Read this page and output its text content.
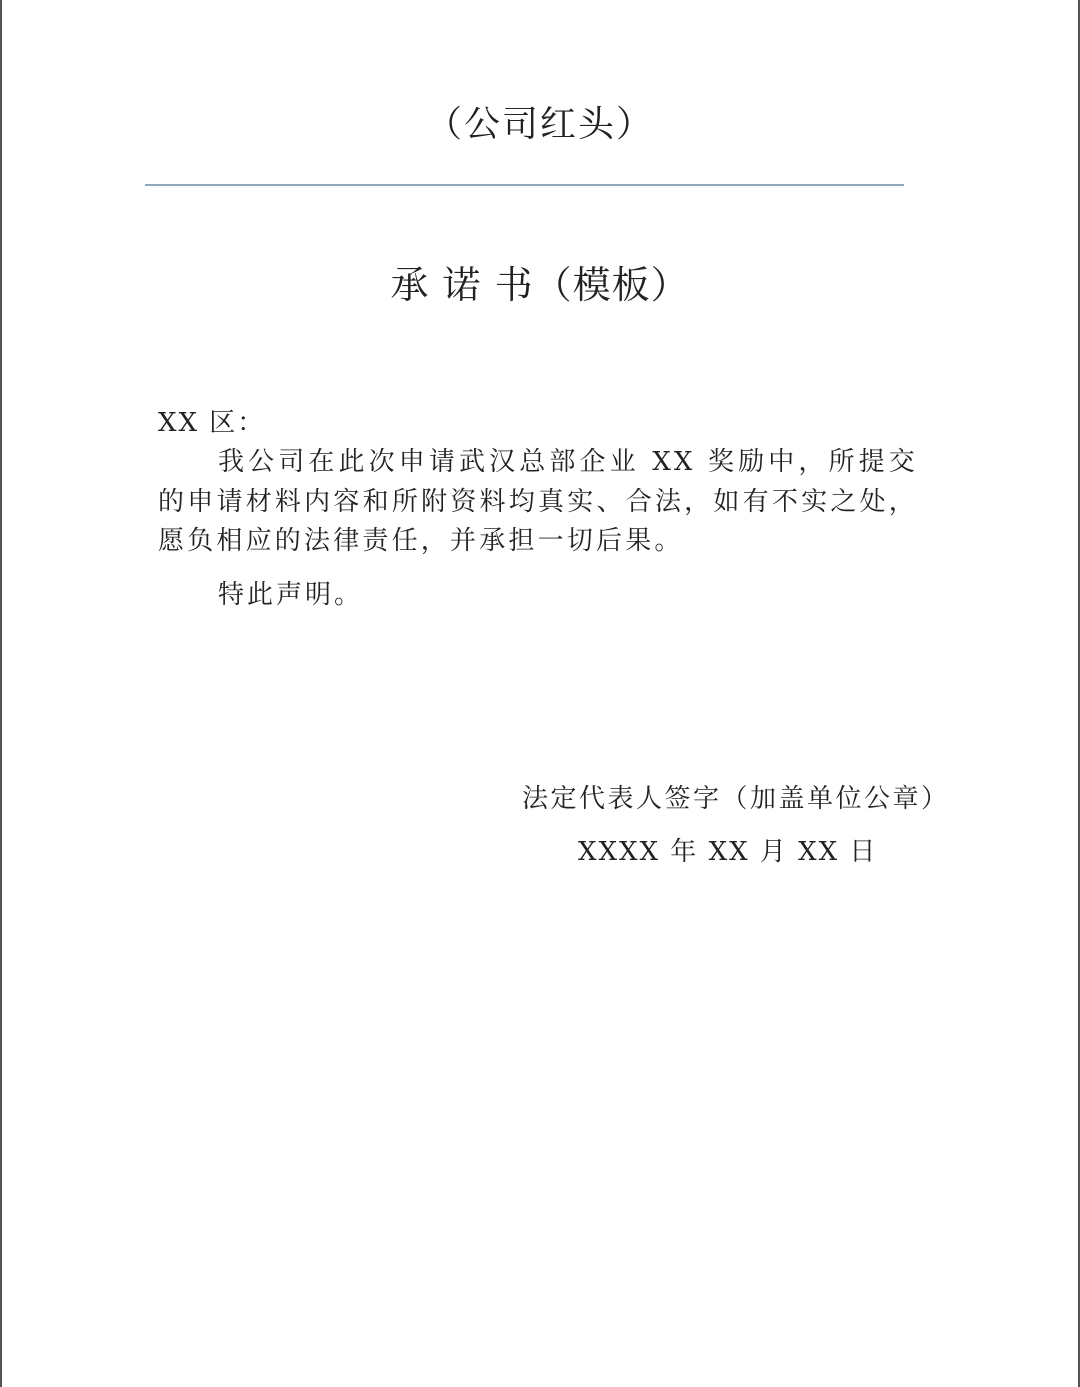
（公司红头）
承 诺 书（模板）
XX 区：

我公司在此次申请武汉总部企业 XX 奖励中，所提交的申请材料内容和所附资料均真实、合法，如有不实之处，愿负相应的法律责任，并承担一切后果。

特此声明。
法定代表人签字（加盖单位公章）
XXXX 年 XX 月 XX 日
